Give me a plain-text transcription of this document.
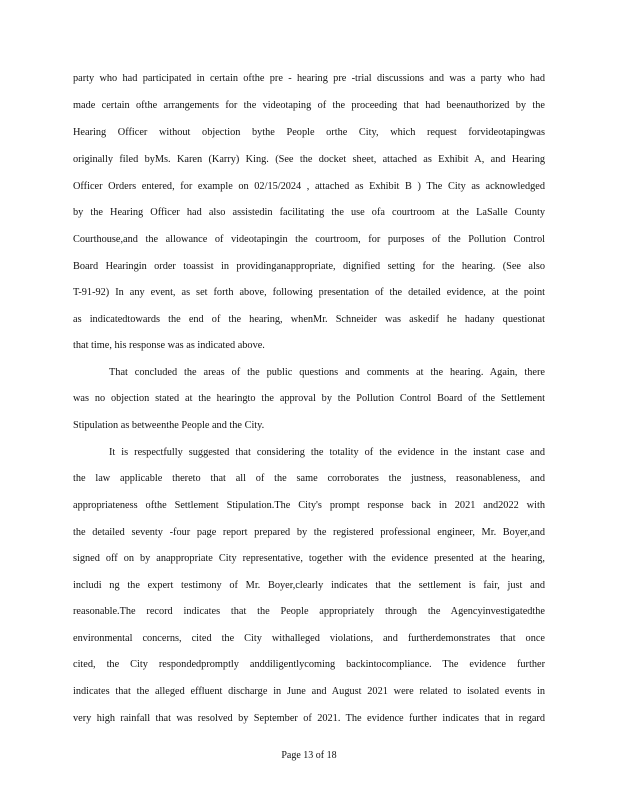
party who had participated in certain ofthe pre - hearing pre -trial discussions and was a party who had
made certain ofthe arrangements for the videotaping of the proceeding that had beenauthorized by the
Hearing Officer without objection bythe People orthe City, which request forvideotapingwas
originally filed byMs. Karen (Karry) King. (See the docket sheet, attached as Exhibit A, and Hearing
Officer Orders entered, for example on 02/15/2024 , attached as Exhibit B ) The City as acknowledged
by the Hearing Officer had also assistedin facilitating the use ofa courtroom at the LaSalle County
Courthouse,and the allowance of videotapingin the courtroom, for purposes of the Pollution Control
Board Hearingin order toassist in providinganappropriate, dignified setting for the hearing. (See also
T-91-92) In any event, as set forth above, following presentation of the detailed evidence, at the point
as indicatedtowards the end of the hearing, whenMr. Schneider was askedif he hadany questionat
that time, his response was as indicated above.
That concluded the areas of the public questions and comments at the hearing. Again, there
was no objection stated at the hearingto the approval by the Pollution Control Board of the Settlement
Stipulation as betweenthe People and the City.
It is respectfully suggested that considering the totality of the evidence in the instant case and
the law applicable thereto that all of the same corroborates the justness, reasonableness, and
appropriateness ofthe Settlement Stipulation.The City's prompt response back in 2021 and2022 with
the detailed seventy -four page report prepared by the registered professional engineer, Mr. Boyer,and
signed off on by anappropriate City representative, together with the evidence presented at the hearing,
includi ng the expert testimony of Mr. Boyer,clearly indicates that the settlement is fair, just and
reasonable.The record indicates that the People appropriately through the Agencyinvestigatedthe
environmental concerns, cited the City withalleged violations, and furtherdemonstrates that once
cited, the City respondedpromptly anddiligentlycoming backintocompliance. The evidence further
indicates that the alleged effluent discharge in June and August 2021 were related to isolated events in
very high rainfall that was resolved by September of 2021. The evidence further indicates that in regard
Page 13 of 18
